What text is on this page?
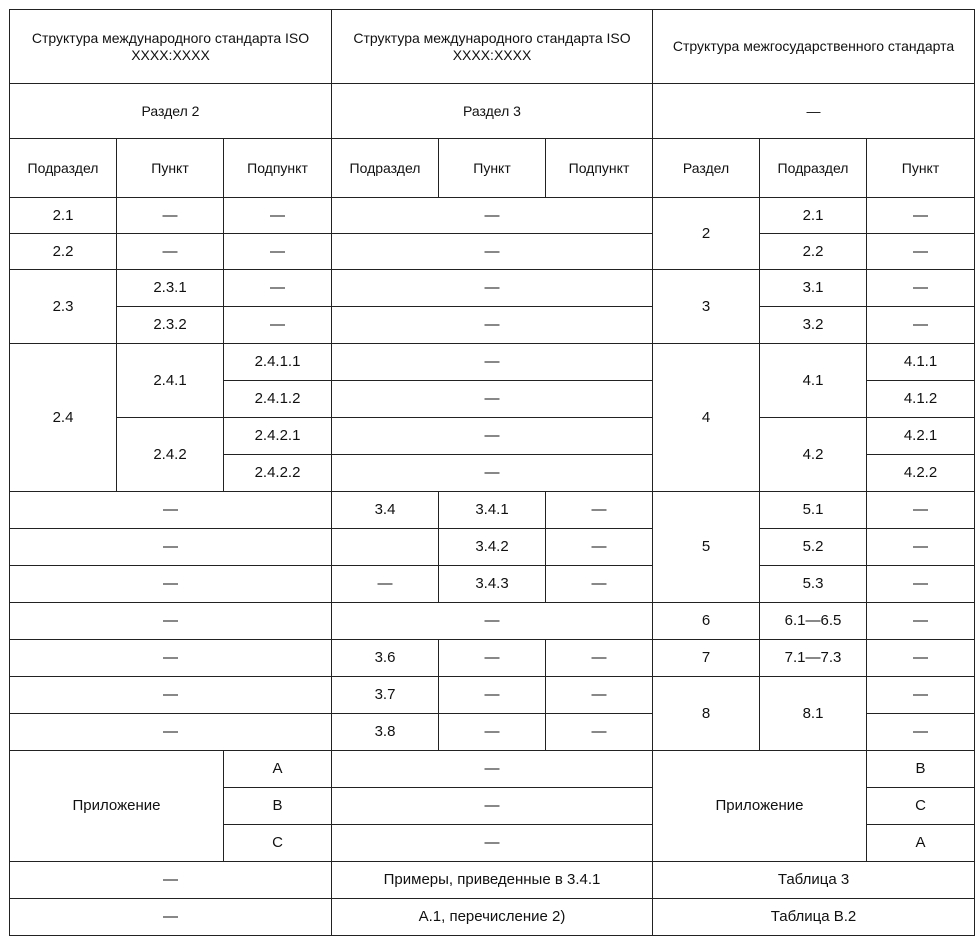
Структура международного стандарта ISO XXXX:XXXX			Структура международного стандарта ISO XXXX:XXXX			Структура межгосударственного стандарта		
Раздел 2			Раздел 3			—		
Подраздел	Пункт	Подпункт	Подраздел	Пункт	Подпункт	Раздел	Подраздел	Пункт
2.1	—	—	—			2	2.1	—
2.2	—	—	—				2.2	—
2.3	2.3.1	—	—			3	3.1	—
	2.3.2	—	—				3.2	—
2.4	2.4.1	2.4.1.1	—			4	4.1	4.1.1
		2.4.1.2	—					4.1.2
	2.4.2	2.4.2.1	—				4.2	4.2.1
		2.4.2.2	—					4.2.2
—			3.4	3.4.1	—	5	5.1	—
—				3.4.2	—		5.2	—
—			—	3.4.3	—		5.3	—
—			—			6	6.1—6.5	—
—			3.6	—	—	7	7.1—7.3	—
—			3.7	—	—	8	8.1	—
—			3.8	—	—			—
Приложение		A	—			Приложение		B
		B	—					C
		C	—					A
—			Примеры, приведенные в 3.4.1			Таблица 3		
—			A.1, перечисление 2)			Таблица B.2		
